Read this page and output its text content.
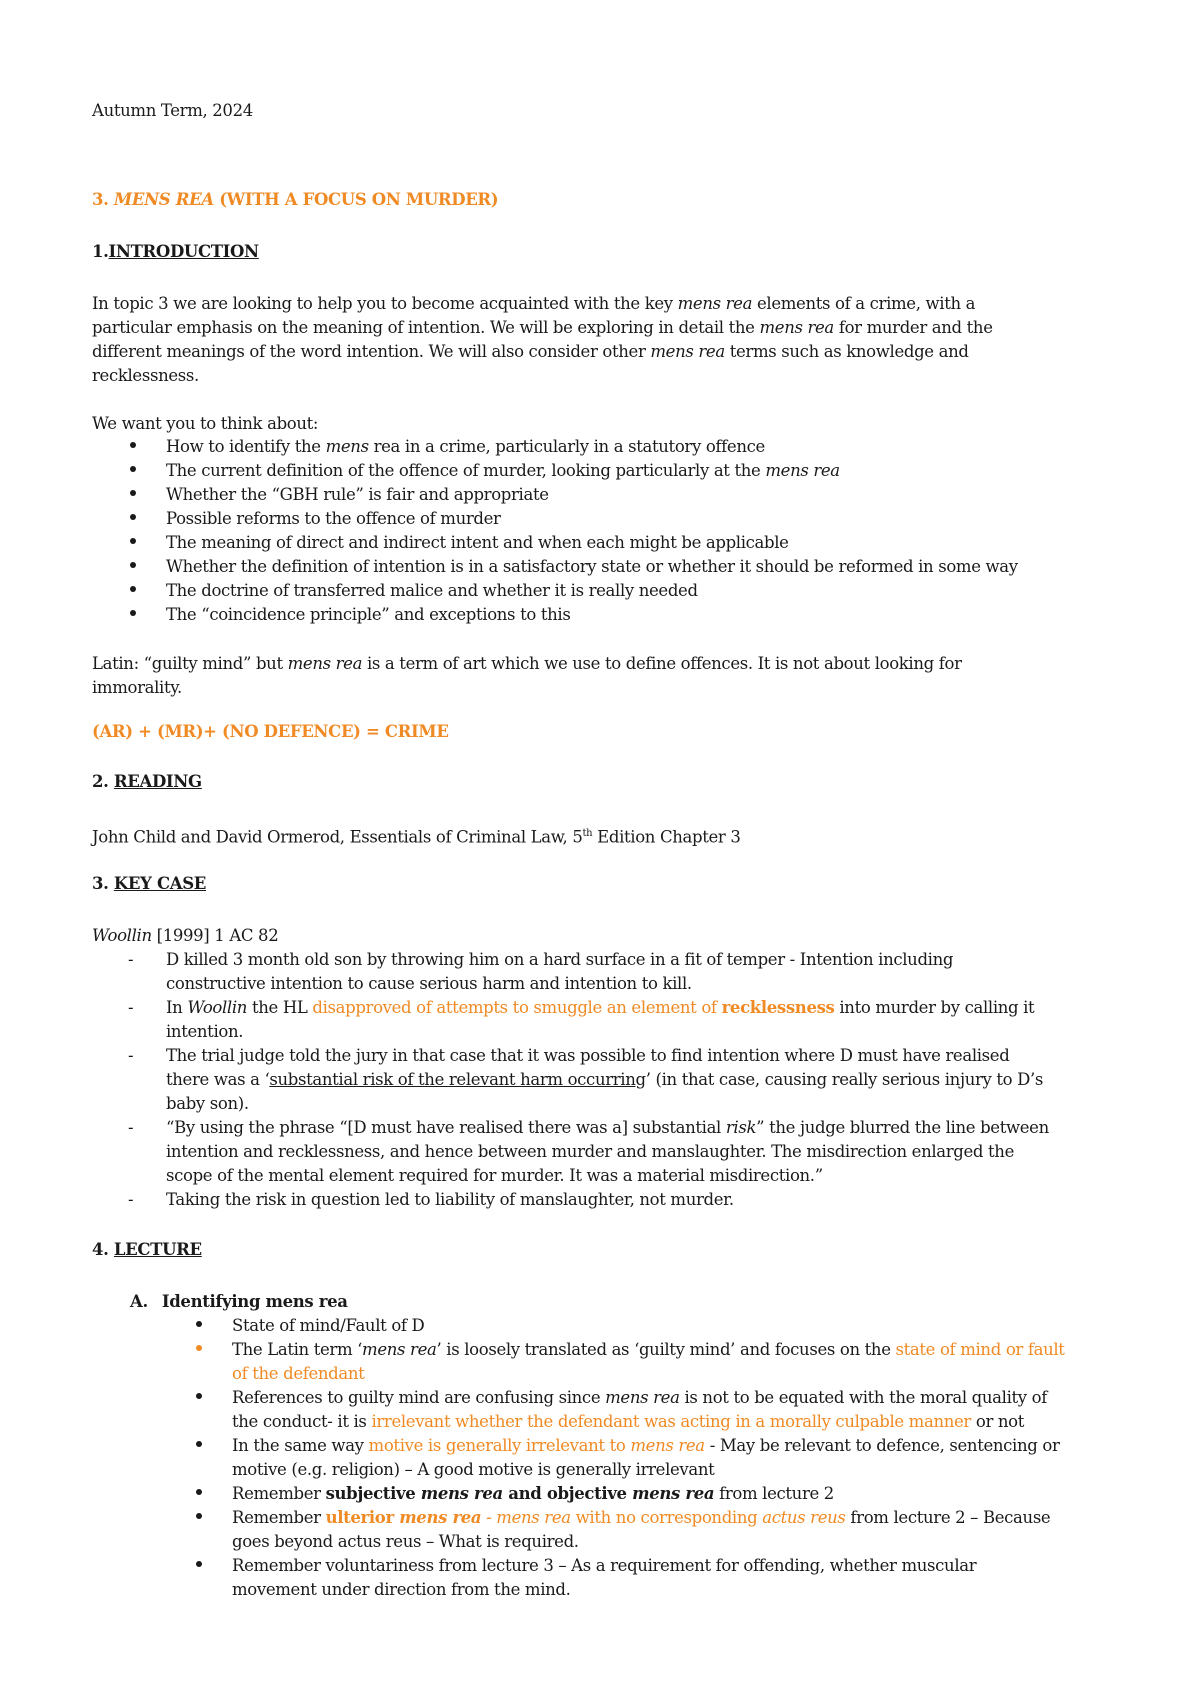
Autumn Term, 2024
3. MENS REA (WITH A FOCUS ON MURDER)
1.INTRODUCTION
In topic 3 we are looking to help you to become acquainted with the key mens rea elements of a crime, with a
particular emphasis on the meaning of intention. We will be exploring in detail the mens rea for murder and the
different meanings of the word intention. We will also consider other mens rea terms such as knowledge and
recklessness.
We want you to think about:
How to identify the mens rea in a crime, particularly in a statutory offence
The current definition of the offence of murder, looking particularly at the mens rea
Whether the “GBH rule” is fair and appropriate
Possible reforms to the offence of murder
The meaning of direct and indirect intent and when each might be applicable
Whether the definition of intention is in a satisfactory state or whether it should be reformed in some way
The doctrine of transferred malice and whether it is really needed
The “coincidence principle” and exceptions to this
Latin: “guilty mind” but mens rea is a term of art which we use to define offences. It is not about looking for
immorality.
(AR) + (MR)+ (NO DEFENCE) = CRIME
2. READING
John Child and David Ormerod, Essentials of Criminal Law, 5th Edition Chapter 3
3. KEY CASE
Woollin [1999] 1 AC 82
- D killed 3 month old son by throwing him on a hard surface in a fit of temper - Intention including
constructive intention to cause serious harm and intention to kill.
- In Woollin the HL disapproved of attempts to smuggle an element of recklessness into murder by calling it
intention.
- The trial judge told the jury in that case that it was possible to find intention where D must have realised
there was a ‘substantial risk of the relevant harm occurring’ (in that case, causing really serious injury to D’s
baby son).
- “By using the phrase “[D must have realised there was a] substantial risk” the judge blurred the line between
intention and recklessness, and hence between murder and manslaughter. The misdirection enlarged the
scope of the mental element required for murder. It was a material misdirection.”
- Taking the risk in question led to liability of manslaughter, not murder.
4. LECTURE
A. Identifying mens rea
State of mind/Fault of D
The Latin term ‘mens rea’ is loosely translated as ‘guilty mind’ and focuses on the state of mind or fault
of the defendant
References to guilty mind are confusing since mens rea is not to be equated with the moral quality of
the conduct- it is irrelevant whether the defendant was acting in a morally culpable manner or not
In the same way motive is generally irrelevant to mens rea - May be relevant to defence, sentencing or
motive (e.g. religion) – A good motive is generally irrelevant
Remember subjective mens rea and objective mens rea from lecture 2
Remember ulterior mens rea - mens rea with no corresponding actus reus from lecture 2 – Because
goes beyond actus reus – What is required.
Remember voluntariness from lecture 3 – As a requirement for offending, whether muscular
movement under direction from the mind.
